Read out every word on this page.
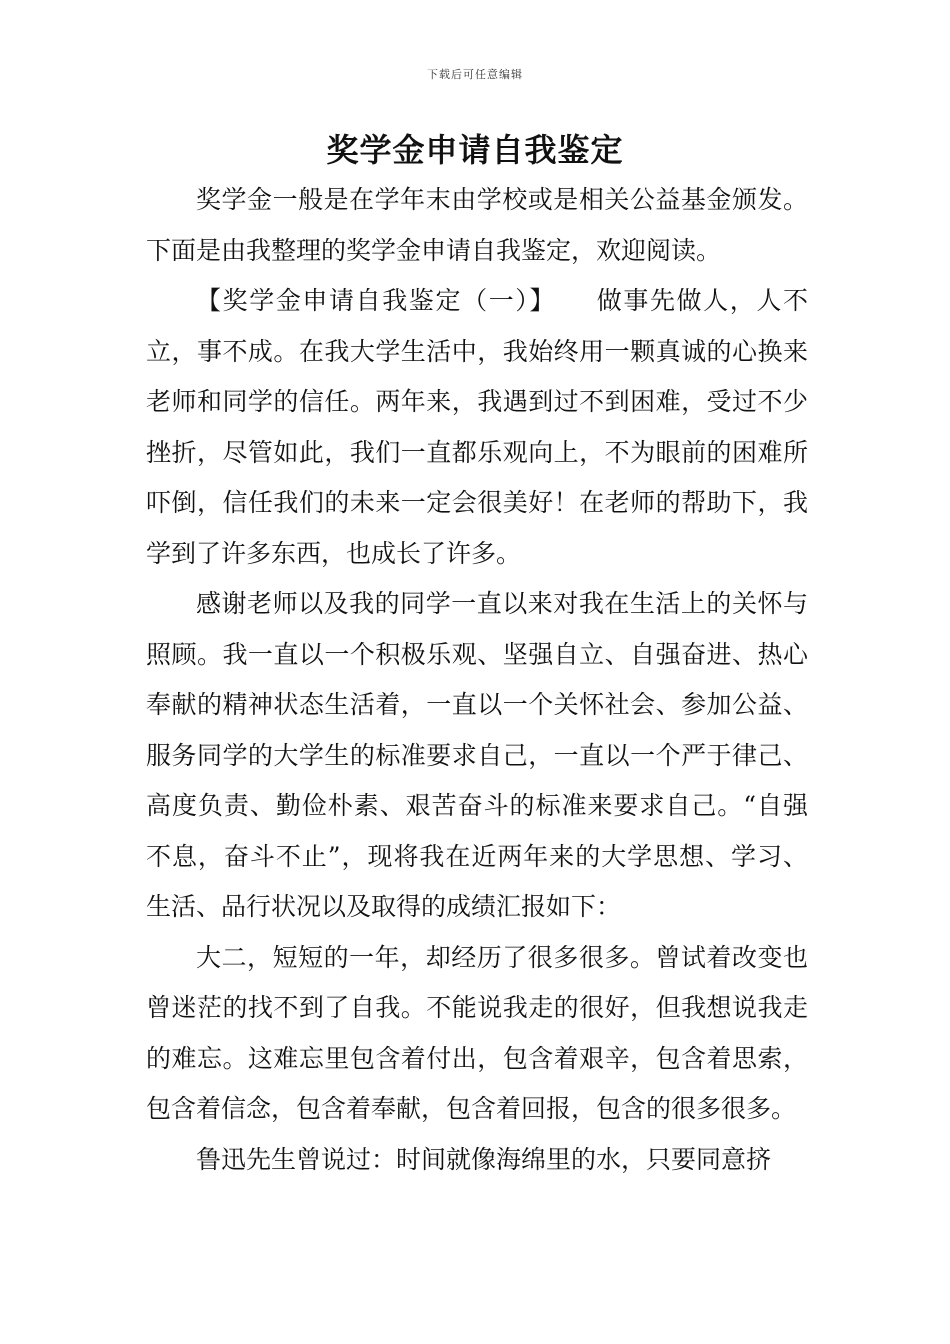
下载后可任意编辑
奖学金申请自我鉴定

奖学金一般是在学年末由学校或是相关公益基金颁发。下面是由我整理的奖学金申请自我鉴定，欢迎阅读。

【奖学金申请自我鉴定（一）】　　做事先做人，人不立，事不成。在我大学生活中，我始终用一颗真诚的心换来老师和同学的信任。两年来，我遇到过不到困难，受过不少挫折，尽管如此，我们一直都乐观向上，不为眼前的困难所吓倒，信任我们的未来一定会很美好！在老师的帮助下，我学到了许多东西，也成长了许多。

感谢老师以及我的同学一直以来对我在生活上的关怀与照顾。我一直以一个积极乐观、坚强自立、自强奋进、热心奉献的精神状态生活着，一直以一个关怀社会、参加公益、服务同学的大学生的标准要求自己，一直以一个严于律己、高度负责、勤俭朴素、艰苦奋斗的标准来要求自己。“自强不息，奋斗不止”，现将我在近两年来的大学思想、学习、生活、品行状况以及取得的成绩汇报如下：

大二，短短的一年，却经历了很多很多。曾试着改变也曾迷茫的找不到了自我。不能说我走的很好，但我想说我走的难忘。这难忘里包含着付出，包含着艰辛，包含着思索，包含着信念，包含着奉献，包含着回报，包含的很多很多。

鲁迅先生曾说过：时间就像海绵里的水，只要同意挤
